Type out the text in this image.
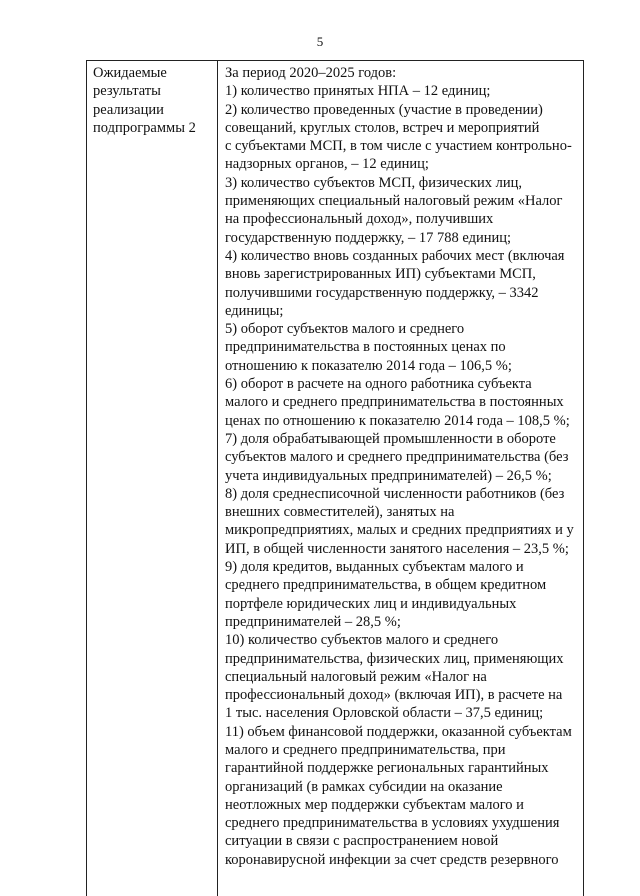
5
Ожидаемые
результаты
реализации
подпрограммы 2
За период 2020–2025 годов:
1) количество принятых НПА – 12 единиц;
2) количество проведенных (участие в проведении)
совещаний, круглых столов, встреч и мероприятий
с субъектами МСП, в том числе с участием контрольно-
надзорных органов, – 12 единиц;
3) количество субъектов МСП, физических лиц,
применяющих специальный налоговый режим «Налог
на профессиональный доход», получивших
государственную поддержку, – 17 788 единиц;
4) количество вновь созданных рабочих мест (включая
вновь зарегистрированных ИП) субъектами МСП,
получившими государственную поддержку, – 3342
единицы;
5) оборот субъектов малого и среднего
предпринимательства в постоянных ценах по
отношению к показателю 2014 года – 106,5 %;
6) оборот в расчете на одного работника субъекта
малого и среднего предпринимательства в постоянных
ценах по отношению к показателю 2014 года – 108,5 %;
7) доля обрабатывающей промышленности в обороте
субъектов малого и среднего предпринимательства (без
учета индивидуальных предпринимателей) – 26,5 %;
8) доля среднесписочной численности работников (без
внешних совместителей), занятых на
микропредприятиях, малых и средних предприятиях и у
ИП, в общей численности занятого населения – 23,5 %;
9) доля кредитов, выданных субъектам малого и
среднего предпринимательства, в общем кредитном
портфеле юридических лиц и индивидуальных
предпринимателей – 28,5 %;
10) количество субъектов малого и среднего
предпринимательства, физических лиц, применяющих
специальный налоговый режим «Налог на
профессиональный доход» (включая ИП), в расчете на
1 тыс. населения Орловской области – 37,5 единиц;
11) объем финансовой поддержки, оказанной субъектам
малого и среднего предпринимательства, при
гарантийной поддержке региональных гарантийных
организаций (в рамках субсидии на оказание
неотложных мер поддержки субъектам малого и
среднего предпринимательства в условиях ухудшения
ситуации в связи с распространением новой
коронавирусной инфекции за счет средств резервного
